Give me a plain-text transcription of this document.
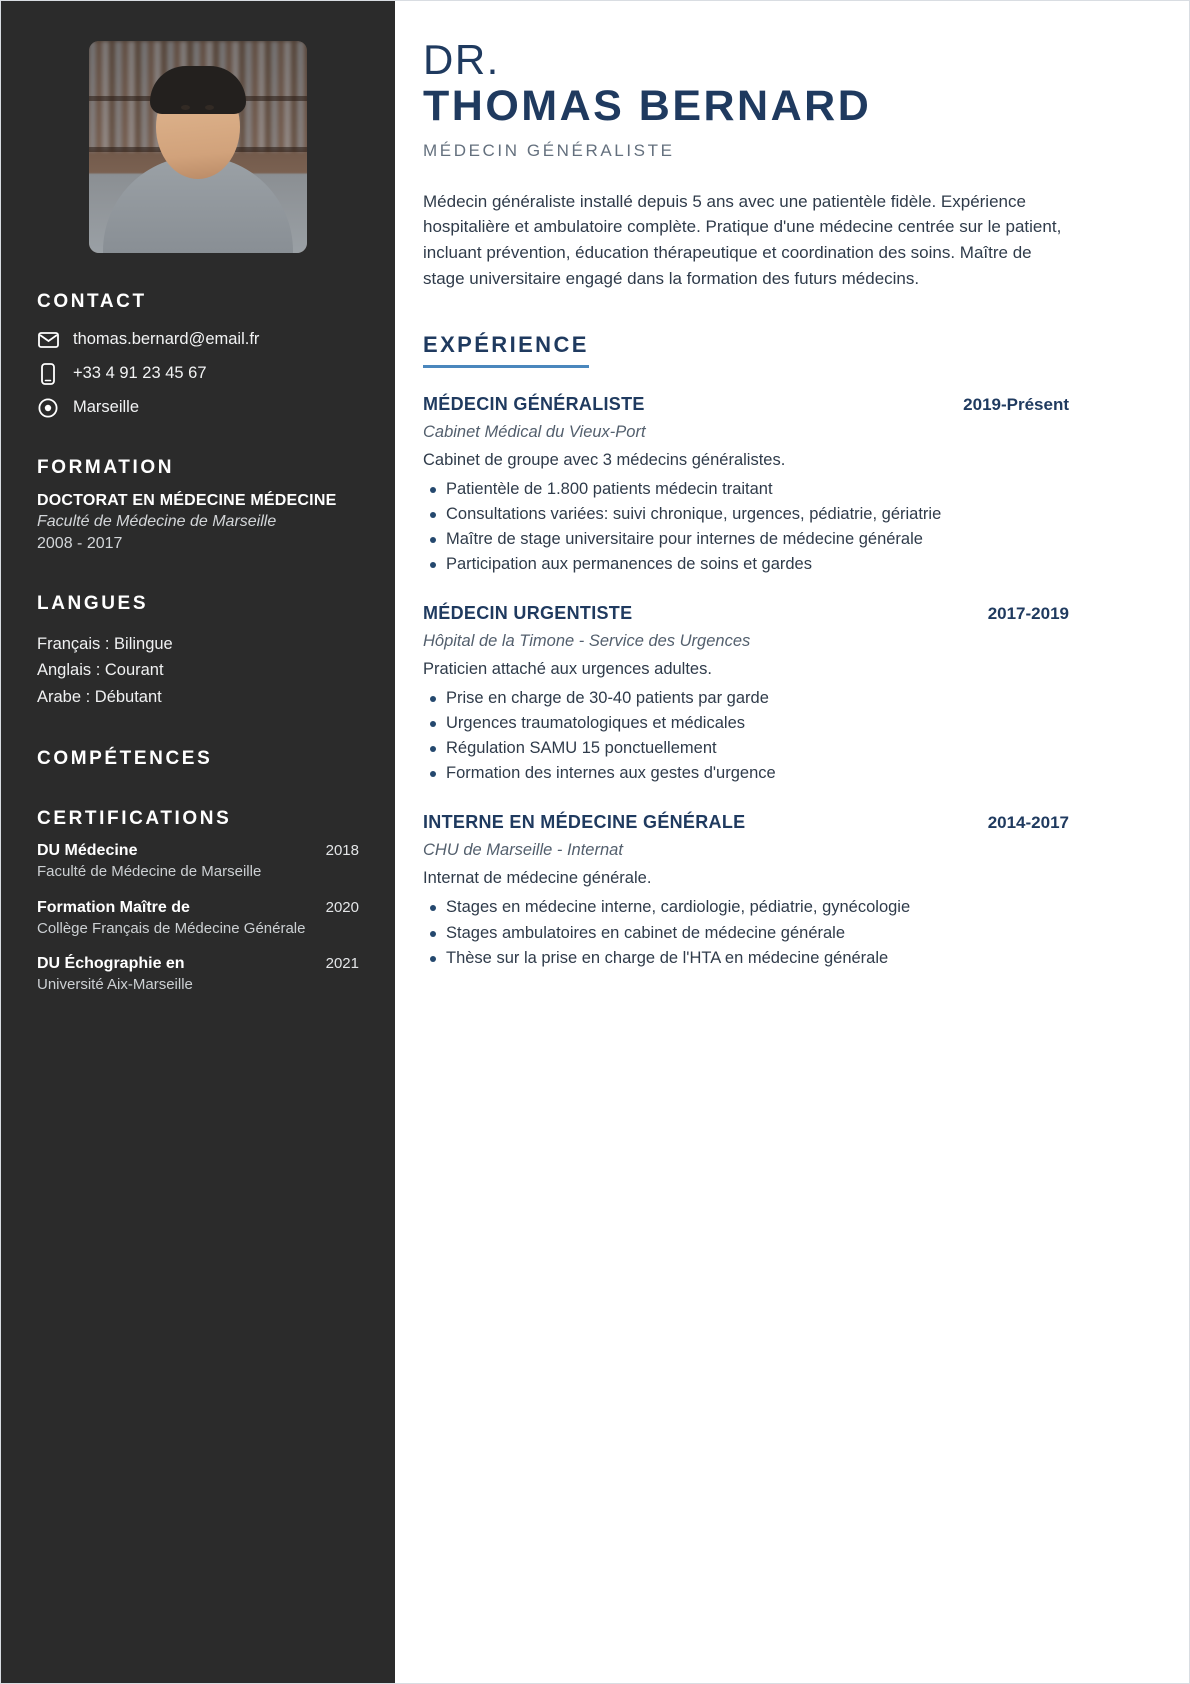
CONTACT
thomas.bernard@email.fr
+33 4 91 23 45 67
Marseille
FORMATION
DOCTORAT EN MÉDECINE MÉDECINE
Faculté de Médecine de Marseille
2008 - 2017
LANGUES
Français : Bilingue
Anglais : Courant
Arabe : Débutant
COMPÉTENCES
CERTIFICATIONS
DU Médecine	2018
Faculté de Médecine de Marseille
Formation Maître de	2020
Collège Français de Médecine Générale
DU Échographie en	2021
Université Aix-Marseille
DR.
THOMAS BERNARD
MÉDECIN GÉNÉRALISTE

Médecin généraliste installé depuis 5 ans avec une patientèle fidèle. Expérience hospitalière et ambulatoire complète. Pratique d'une médecine centrée sur le patient, incluant prévention, éducation thérapeutique et coordination des soins. Maître de stage universitaire engagé dans la formation des futurs médecins.

EXPÉRIENCE
MÉDECIN GÉNÉRALISTE	2019-Présent
Cabinet Médical du Vieux-Port
Cabinet de groupe avec 3 médecins généralistes.
Patientèle de 1.800 patients médecin traitant
Consultations variées: suivi chronique, urgences, pédiatrie, gériatrie
Maître de stage universitaire pour internes de médecine générale
Participation aux permanences de soins et gardes
MÉDECIN URGENTISTE	2017-2019
Hôpital de la Timone - Service des Urgences
Praticien attaché aux urgences adultes.
Prise en charge de 30-40 patients par garde
Urgences traumatologiques et médicales
Régulation SAMU 15 ponctuellement
Formation des internes aux gestes d'urgence
INTERNE EN MÉDECINE GÉNÉRALE	2014-2017
CHU de Marseille - Internat
Internat de médecine générale.
Stages en médecine interne, cardiologie, pédiatrie, gynécologie
Stages ambulatoires en cabinet de médecine générale
Thèse sur la prise en charge de l'HTA en médecine générale
